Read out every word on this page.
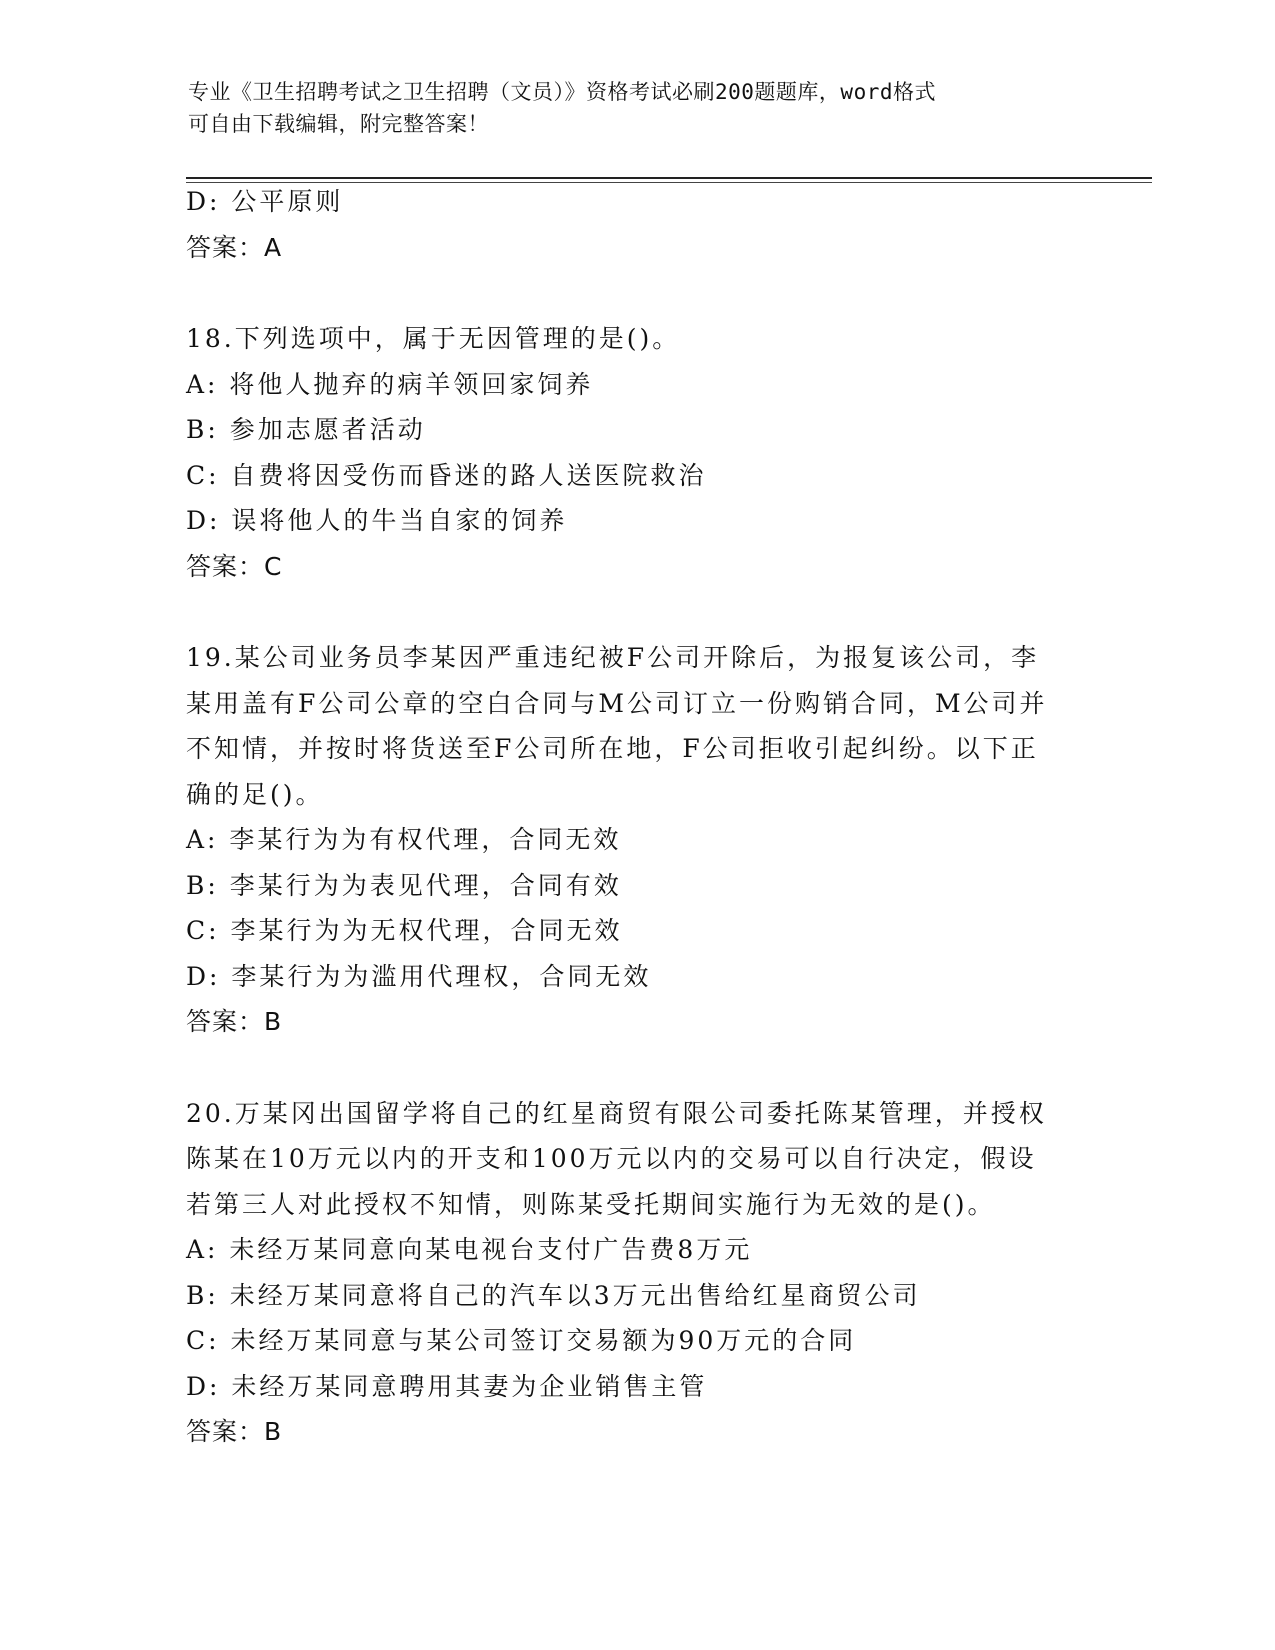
专业《卫生招聘考试之卫生招聘（文员）》资格考试必刷200题题库，word格式
可自由下载编辑，附完整答案！
D: 公平原则
答案：A
18.下列选项中，属于无因管理的是()。
A: 将他人抛弃的病羊领回家饲养
B: 参加志愿者活动
C: 自费将因受伤而昏迷的路人送医院救治
D: 误将他人的牛当自家的饲养
答案：C
19.某公司业务员李某因严重违纪被F公司开除后，为报复该公司，李
某用盖有F公司公章的空白合同与M公司订立一份购销合同，M公司并
不知情，并按时将货送至F公司所在地，F公司拒收引起纠纷。以下正
确的足()。
A: 李某行为为有权代理，合同无效
B: 李某行为为表见代理，合同有效
C: 李某行为为无权代理，合同无效
D: 李某行为为滥用代理权，合同无效
答案：B
20.万某冈出国留学将自己的红星商贸有限公司委托陈某管理，并授权
陈某在10万元以内的开支和100万元以内的交易可以自行决定，假设
若第三人对此授权不知情，则陈某受托期间实施行为无效的是()。
A: 未经万某同意向某电视台支付广告费8万元
B: 未经万某同意将自己的汽车以3万元出售给红星商贸公司
C: 未经万某同意与某公司签订交易额为90万元的合同
D: 未经万某同意聘用其妻为企业销售主管
答案：B
